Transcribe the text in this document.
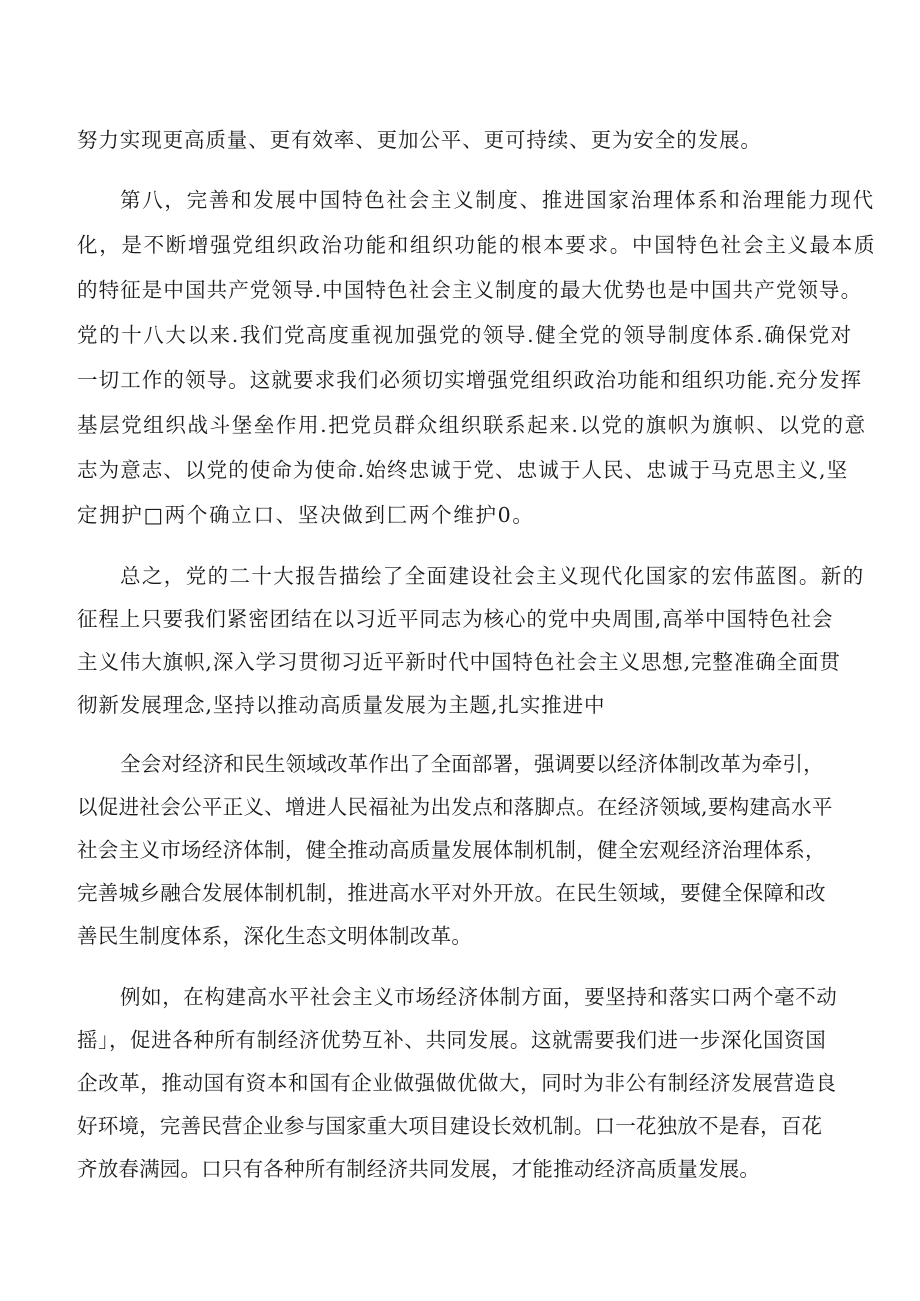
努力实现更高质量、更有效率、更加公平、更可持续、更为安全的发展。
第八，完善和发展中国特色社会主义制度、推进国家治理体系和治理能力现代
化，是不断增强党组织政治功能和组织功能的根本要求。中国特色社会主义最本质
的特征是中国共产党领导.中国特色社会主义制度的最大优势也是中国共产党领导。
党的十八大以来.我们党高度重视加强党的领导.健全党的领导制度体系.确保党对
一切工作的领导。这就要求我们必须切实增强党组织政治功能和组织功能.充分发挥
基层党组织战斗堡垒作用.把党员群众组织联系起来.以党的旗帜为旗帜、以党的意
志为意志、以党的使命为使命.始终忠诚于党、忠诚于人民、忠诚于马克思主义,坚
定拥护□两个确立口、坚决做到匚两个维护0。
总之，党的二十大报告描绘了全面建设社会主义现代化国家的宏伟蓝图。新的
征程上只要我们紧密团结在以习近平同志为核心的党中央周围,高举中国特色社会
主义伟大旗帜,深入学习贯彻习近平新时代中国特色社会主义思想,完整准确全面贯
彻新发展理念,坚持以推动高质量发展为主题,扎实推进中
全会对经济和民生领域改革作出了全面部署，强调要以经济体制改革为牵引，
以促进社会公平正义、增进人民福祉为出发点和落脚点。在经济领域,要构建高水平
社会主义市场经济体制，健全推动高质量发展体制机制，健全宏观经济治理体系，
完善城乡融合发展体制机制，推进高水平对外开放。在民生领域，要健全保障和改
善民生制度体系，深化生态文明体制改革。
例如，在构建高水平社会主义市场经济体制方面，要坚持和落实口两个毫不动
摇」，促进各种所有制经济优势互补、共同发展。这就需要我们进一步深化国资国
企改革，推动国有资本和国有企业做强做优做大，同时为非公有制经济发展营造良
好环境，完善民营企业参与国家重大项目建设长效机制。口一花独放不是春，百花
齐放春满园。口只有各种所有制经济共同发展，才能推动经济高质量发展。
